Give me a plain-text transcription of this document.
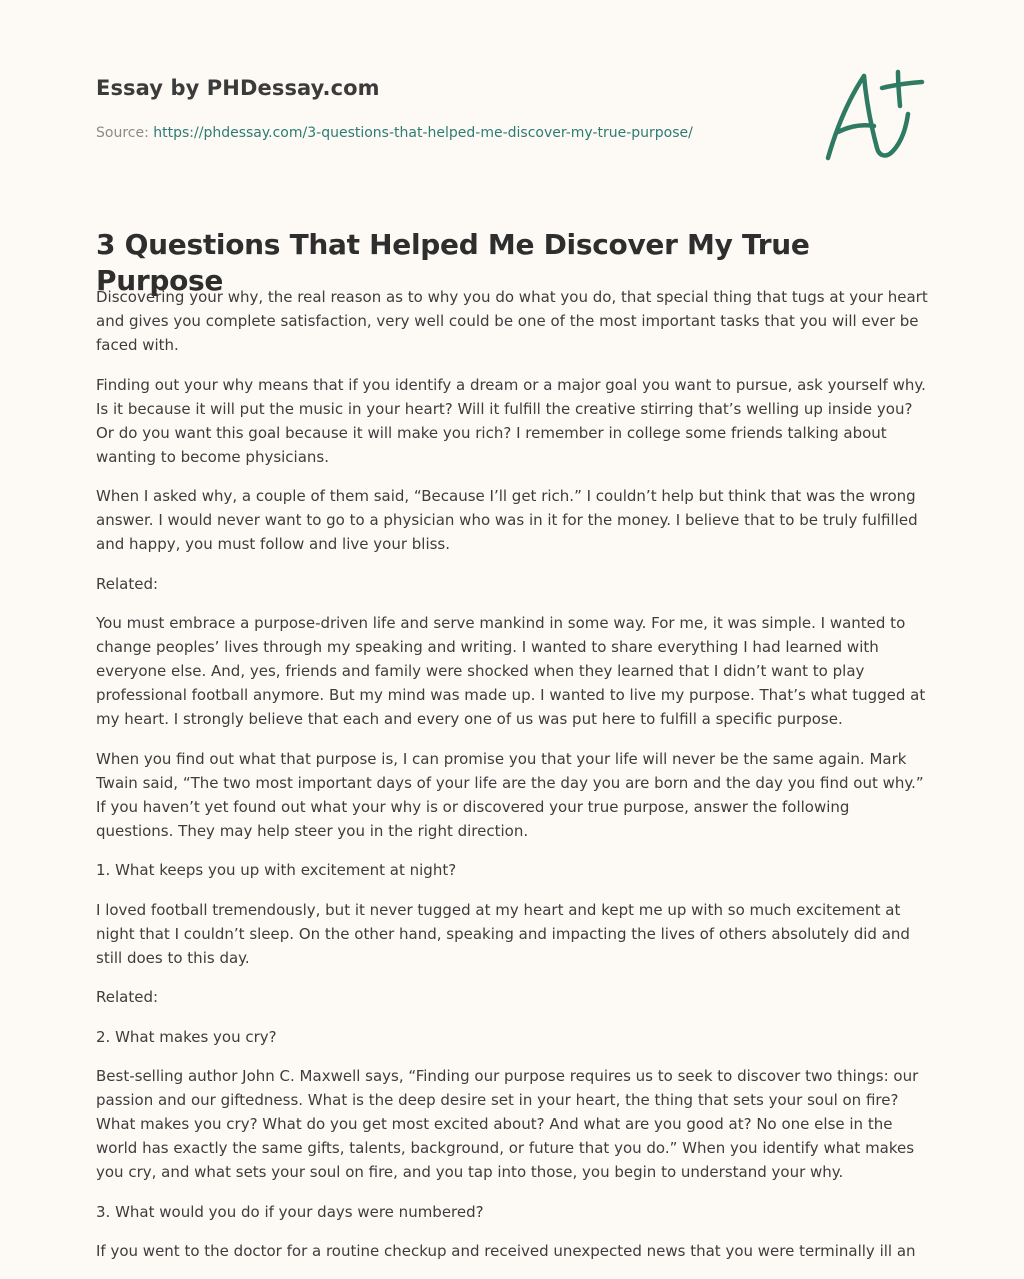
Essay by PHDessay.com
Source: https://phdessay.com/3-questions-that-helped-me-discover-my-true-purpose/
3 Questions That Helped Me Discover My True Purpose

Discovering your why, the real reason as to why you do what you do, that special thing that tugs at your heart and gives you complete satisfaction, very well could be one of the most important tasks that you will ever be faced with.

Finding out your why means that if you identify a dream or a major goal you want to pursue, ask yourself why. Is it because it will put the music in your heart? Will it fulfill the creative stirring that’s welling up inside you? Or do you want this goal because it will make you rich? I remember in college some friends talking about wanting to become physicians.

When I asked why, a couple of them said, “Because I’ll get rich.” I couldn’t help but think that was the wrong answer. I would never want to go to a physician who was in it for the money. I believe that to be truly fulfilled and happy, you must follow and live your bliss.

Related:

You must embrace a purpose-driven life and serve mankind in some way. For me, it was simple. I wanted to change peoples’ lives through my speaking and writing. I wanted to share everything I had learned with everyone else. And, yes, friends and family were shocked when they learned that I didn’t want to play professional football anymore. But my mind was made up. I wanted to live my purpose. That’s what tugged at my heart. I strongly believe that each and every one of us was put here to fulfill a specific purpose.

When you find out what that purpose is, I can promise you that your life will never be the same again. Mark Twain said, “The two most important days of your life are the day you are born and the day you find out why.” If you haven’t yet found out what your why is or discovered your true purpose, answer the following questions. They may help steer you in the right direction.

1. What keeps you up with excitement at night?

I loved football tremendously, but it never tugged at my heart and kept me up with so much excitement at night that I couldn’t sleep. On the other hand, speaking and impacting the lives of others absolutely did and still does to this day.

Related:

2. What makes you cry?

Best-selling author John C. Maxwell says, “Finding our purpose requires us to seek to discover two things: our passion and our giftedness. What is the deep desire set in your heart, the thing that sets your soul on fire? What makes you cry? What do you get most excited about? And what are you good at? No one else in the world has exactly the same gifts, talents, background, or future that you do.” When you identify what makes you cry, and what sets your soul on fire, and you tap into those, you begin to understand your why.

3. What would you do if your days were numbered?

If you went to the doctor for a routine checkup and received unexpected news that you were terminally ill an
